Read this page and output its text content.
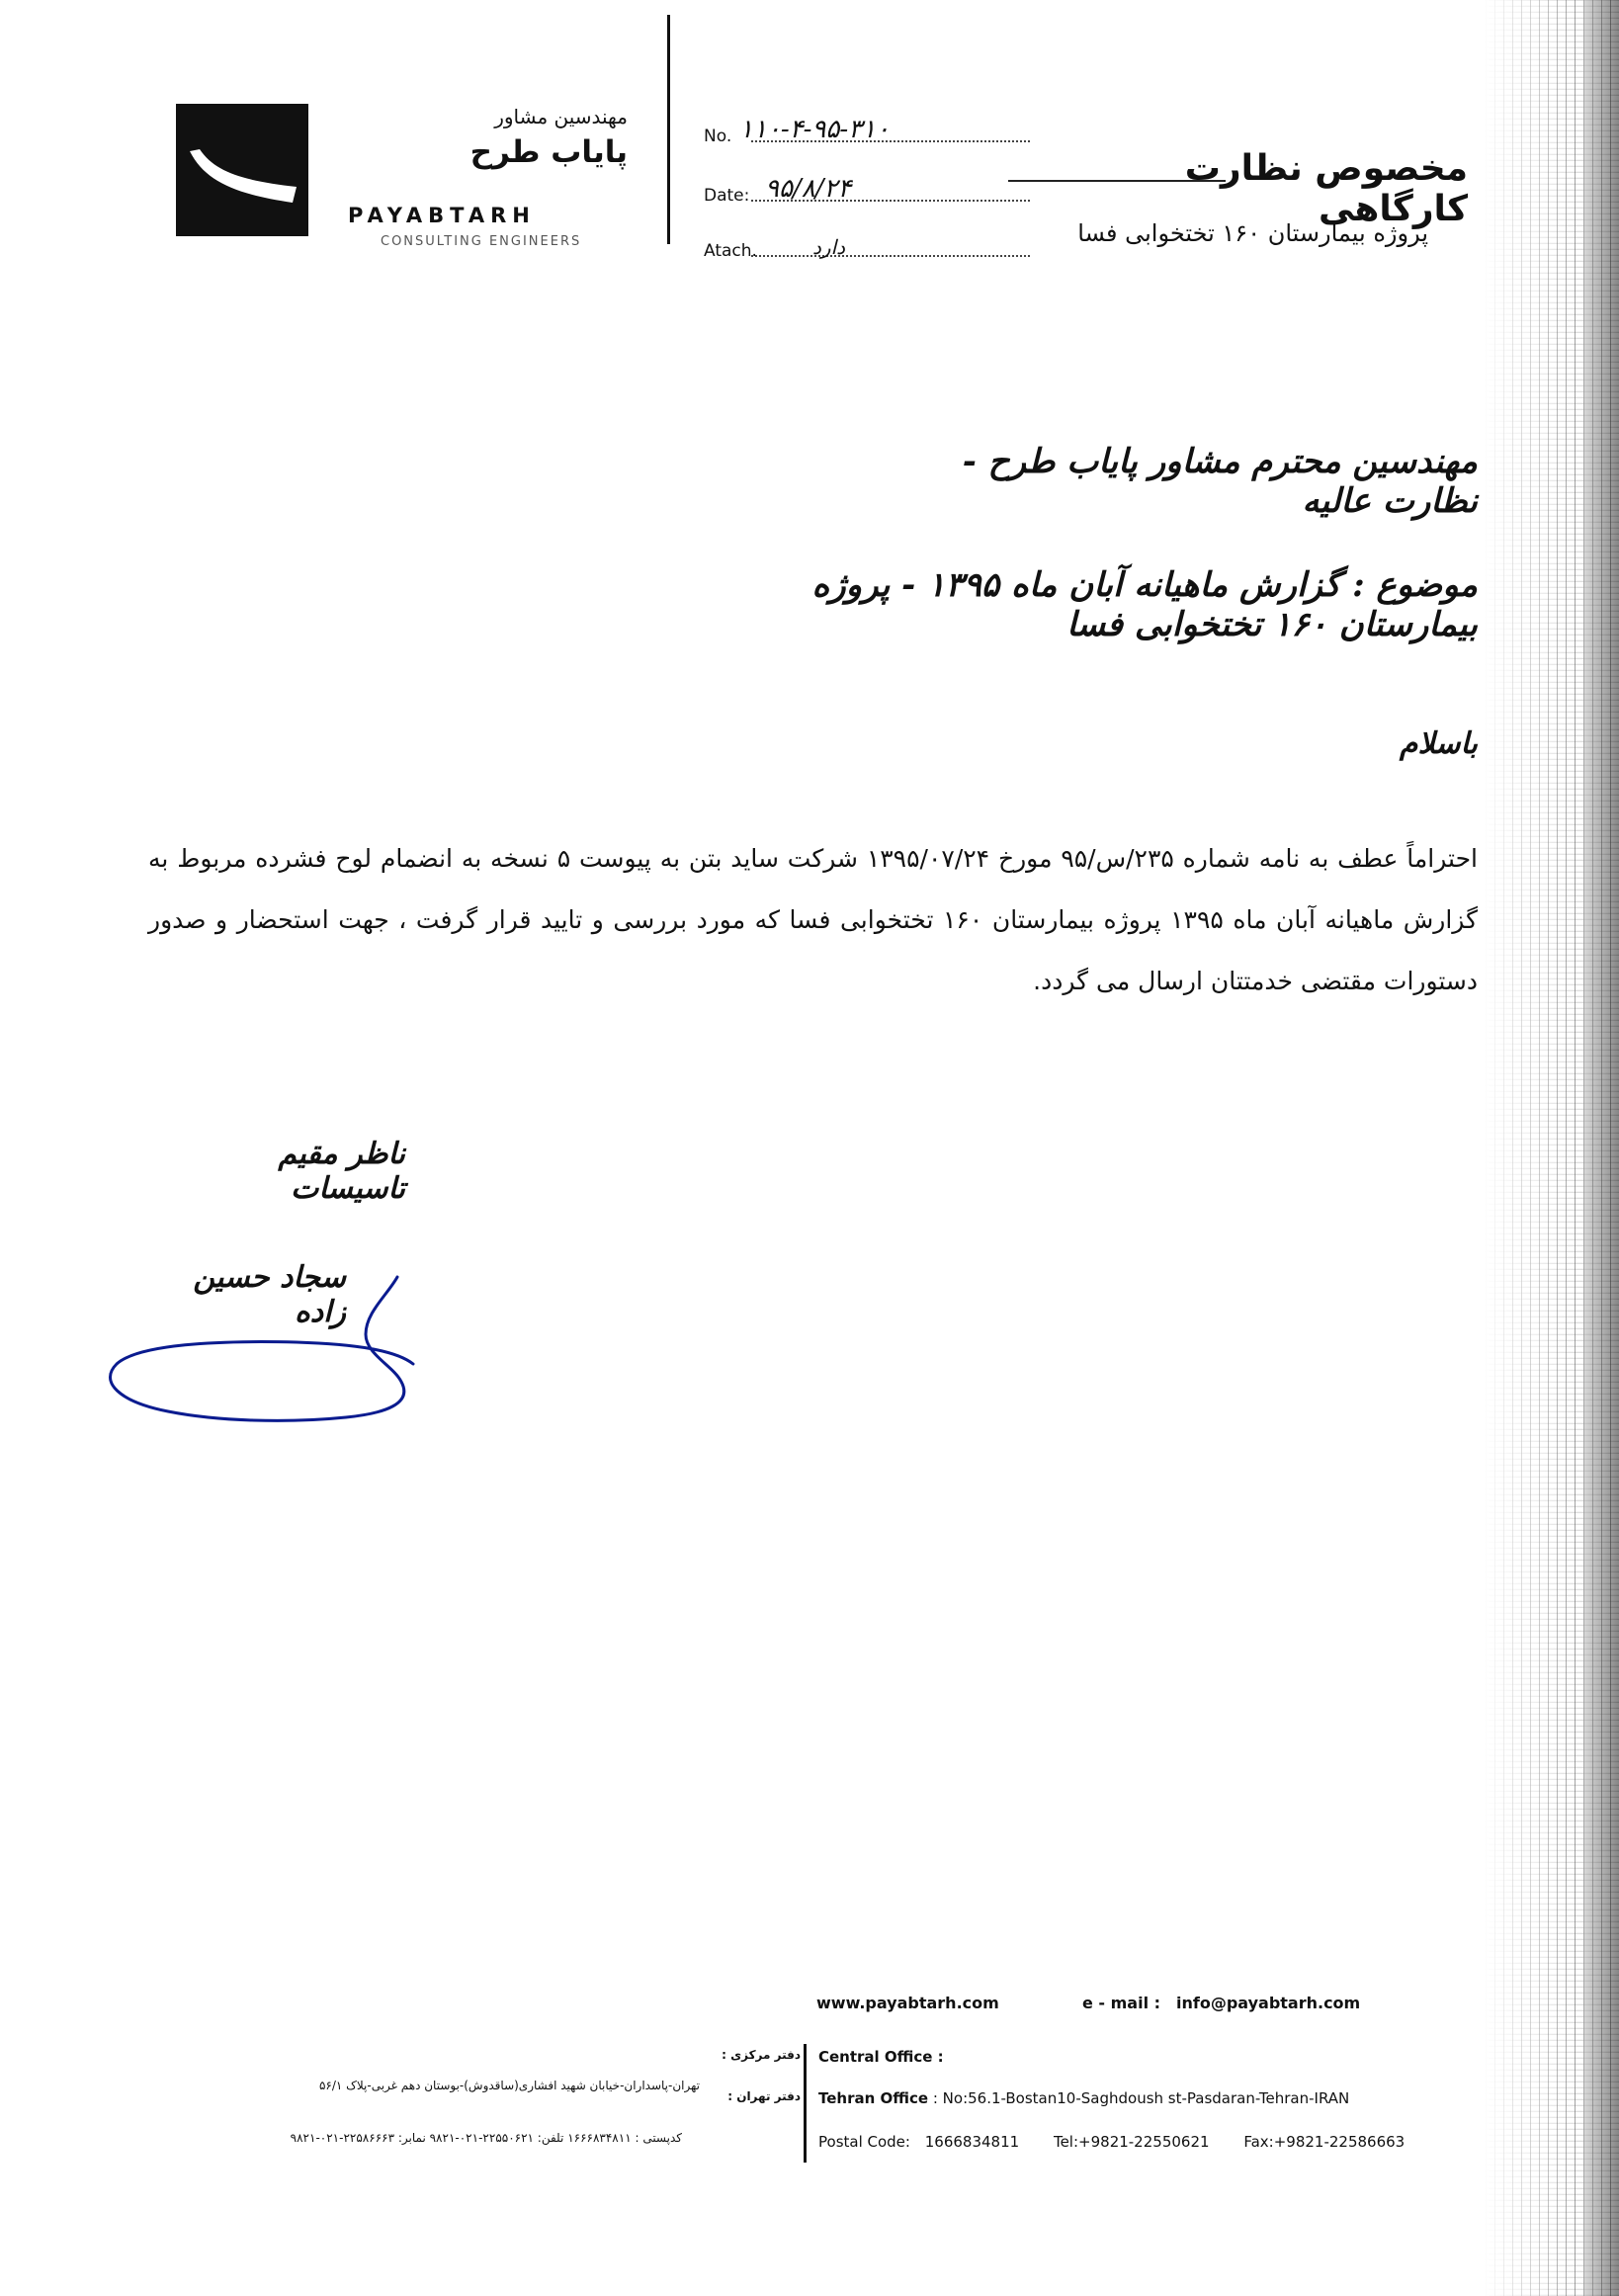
مهندسین مشاور
پایاب طرح
PAYABTARH
CONSULTING ENGINEERS
No. ۱۱۰-۴-۹۵-۳۱۰
Date: ۹۵/۸/۲۴
Atach.	دارد
مخصوص نظارت کارگاهی
پروژه بیمارستان ۱۶۰ تختخوابی فسا
مهندسین محترم مشاور پایاب طرح - نظارت عالیه
موضوع : گزارش ماهیانه آبان ماه ۱۳۹۵ - پروژه بیمارستان ۱۶۰ تختخوابی فسا
باسلام
احتراماً عطف به نامه شماره ۲۳۵/س/۹۵ مورخ ۱۳۹۵/۰۷/۲۴ شرکت ساید بتن به پیوست ۵ نسخه به انضمام لوح فشرده مربوط به گزارش ماهیانه آبان ماه ۱۳۹۵ پروژه بیمارستان ۱۶۰ تختخوابی فسا که مورد بررسی و تایید قرار گرفت ، جهت استحضار و صدور دستورات مقتضی خدمتتان ارسال می گردد.
ناظر مقیم تاسیسات
سجاد حسین زاده
www.payabtarh.com	e - mail : info@payabtarh.com
دفتر مرکزی :
دفتر تهران :
تهران-پاسداران-خیابان شهید افشاری(ساقدوش)-بوستان دهم غربی-پلاک ۵۶/۱
کدپستی : ۱۶۶۶۸۳۴۸۱۱ تلفن: ۲۲۵۵۰۶۲۱-۰۲۱-۹۸۲۱ نمابر: ۲۲۵۸۶۶۶۳-۰۲۱-۹۸۲۱
Central Office :
Tehran Office : No:56.1-Bostan10-Saghdoush st-Pasdaran-Tehran-IRAN
Postal Code: 1666834811 Tel:+9821-22550621 Fax:+9821-22586663
